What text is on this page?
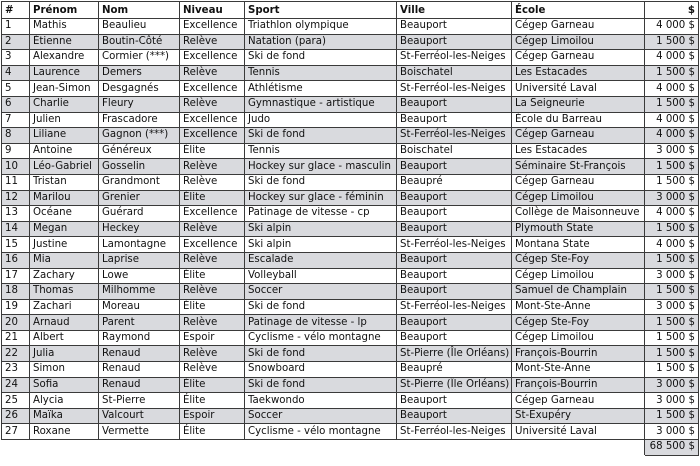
#	Prénom	Nom	Niveau	Sport	Ville	École	$
1	Mathis	Beaulieu	Excellence	Triathlon olympique	Beauport	Cégep Garneau	4 000 $
2	Étienne	Boutin-Côté	Relève	Natation (para)	Beauport	Cégep Limoilou	1 500 $
3	Alexandre	Cormier (***)	Excellence	Ski de fond	St-Ferréol-les-Neiges	Cégep Garneau	4 000 $
4	Laurence	Demers	Relève	Tennis	Boischatel	Les Estacades	1 500 $
5	Jean-Simon	Desgagnés	Excellence	Athlétisme	St-Ferréol-les-Neiges	Université Laval	4 000 $
6	Charlie	Fleury	Relève	Gymnastique - artistique	Beauport	La Seigneurie	1 500 $
7	Julien	Frascadore	Excellence	Judo	Beauport	École du Barreau	4 000 $
8	Liliane	Gagnon (***)	Excellence	Ski de fond	St-Ferréol-les-Neiges	Cégep Garneau	4 000 $
9	Antoine	Généreux	Élite	Tennis	Boischatel	Les Estacades	3 000 $
10	Léo-Gabriel	Gosselin	Relève	Hockey sur glace - masculin	Beauport	Séminaire St-François	1 500 $
11	Tristan	Grandmont	Relève	Ski de fond	Beaupré	Cégep Garneau	1 500 $
12	Marilou	Grenier	Élite	Hockey sur glace - féminin	Beauport	Cégep Limoilou	3 000 $
13	Océane	Guérard	Excellence	Patinage de vitesse - cp	Beauport	Collège de Maisonneuve	4 000 $
14	Megan	Heckey	Relève	Ski alpin	Beauport	Plymouth State	1 500 $
15	Justine	Lamontagne	Excellence	Ski alpin	St-Ferréol-les-Neiges	Montana State	4 000 $
16	Mia	Laprise	Relève	Escalade	Beauport	Cégep Ste-Foy	1 500 $
17	Zachary	Lowe	Élite	Volleyball	Beauport	Cégep Limoilou	3 000 $
18	Thomas	Milhomme	Relève	Soccer	Beauport	Samuel de Champlain	1 500 $
19	Zachari	Moreau	Élite	Ski de fond	St-Ferréol-les-Neiges	Mont-Ste-Anne	3 000 $
20	Arnaud	Parent	Relève	Patinage de vitesse - lp	Beauport	Cégep Ste-Foy	1 500 $
21	Albert	Raymond	Espoir	Cyclisme - vélo montagne	Beauport	Cégep Limoilou	1 500 $
22	Julia	Renaud	Relève	Ski de fond	St-Pierre (Île Orléans)	François-Bourrin	1 500 $
23	Simon	Renaud	Relève	Snowboard	Beaupré	Mont-Ste-Anne	1 500 $
24	Sofia	Renaud	Élite	Ski de fond	St-Pierre (Île Orléans)	François-Bourrin	3 000 $
25	Alycia	St-Pierre	Élite	Taekwondo	Beauport	Cégep Garneau	3 000 $
26	Maïka	Valcourt	Espoir	Soccer	Beauport	St-Exupéry	1 500 $
27	Roxane	Vermette	Élite	Cyclisme - vélo montagne	St-Ferréol-les-Neiges	Université Laval	3 000 $
							68 500 $
